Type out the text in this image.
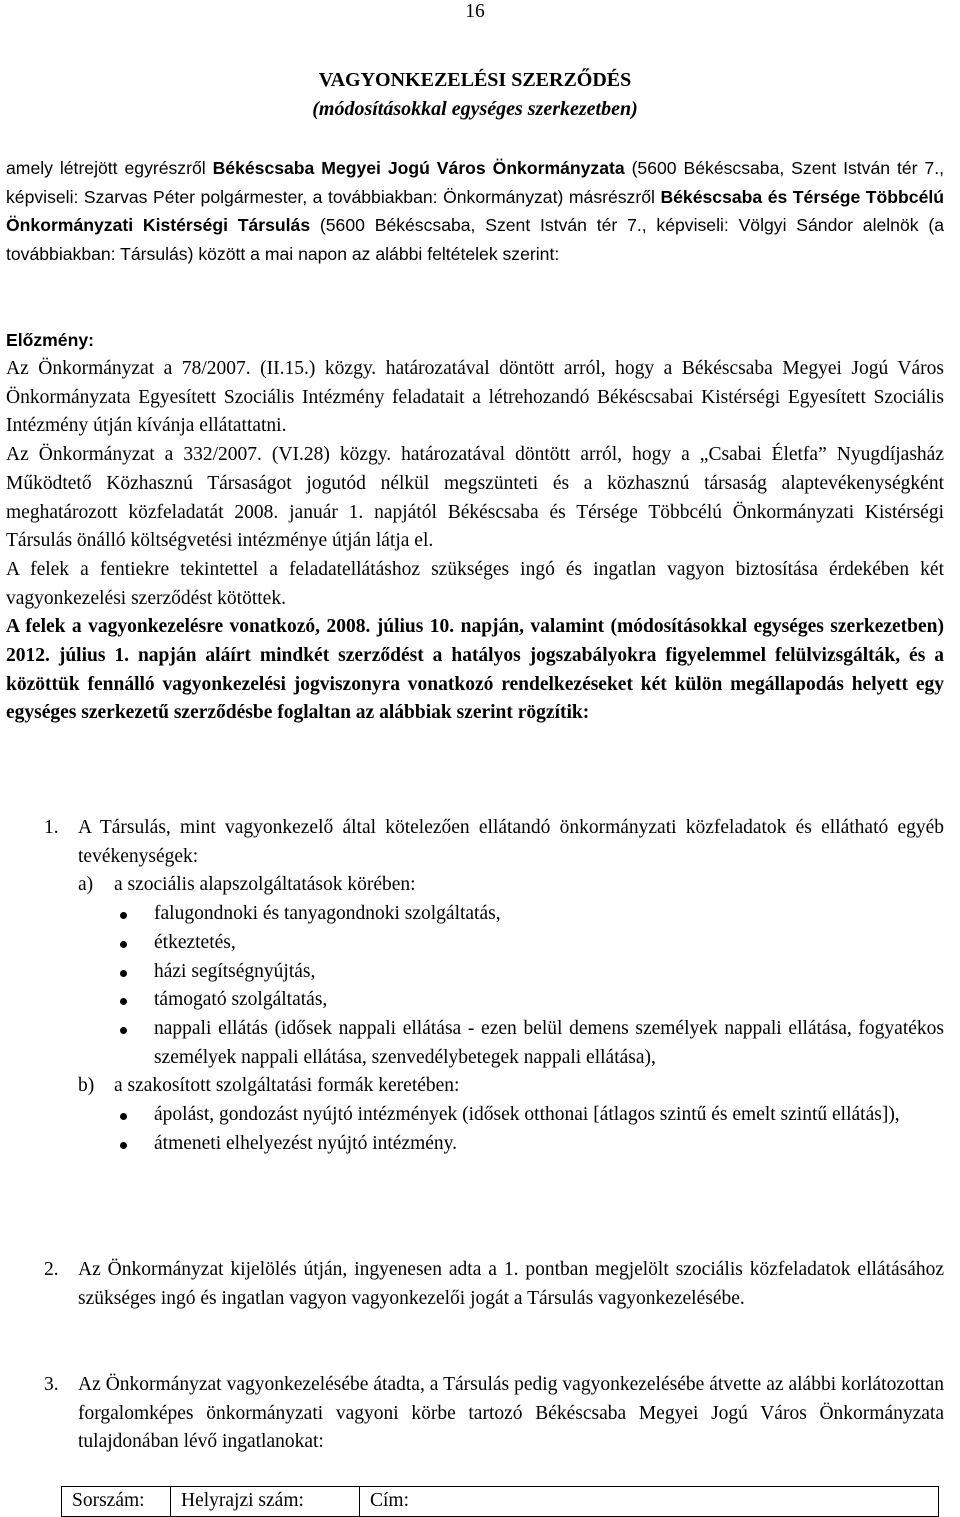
16
VAGYONKEZELÉSI SZERZŐDÉS
(módosításokkal egységes szerkezetben)

amely létrejött egyrészről Békéscsaba Megyei Jogú Város Önkormányzata (5600 Békéscsaba, Szent István tér 7., képviseli: Szarvas Péter polgármester, a továbbiakban: Önkormányzat) másrészről Békéscsaba és Térsége Többcélú Önkormányzati Kistérségi Társulás (5600 Békéscsaba, Szent István tér 7., képviseli: Völgyi Sándor alelnök (a továbbiakban: Társulás) között a mai napon az alábbi feltételek szerint:

Előzmény:

Az Önkormányzat a 78/2007. (II.15.) közgy. határozatával döntött arról, hogy a Békéscsaba Megyei Jogú Város Önkormányzata Egyesített Szociális Intézmény feladatait a létrehozandó Békéscsabai Kistérségi Egyesített Szociális Intézmény útján kívánja ellátattatni.

Az Önkormányzat a 332/2007. (VI.28) közgy. határozatával döntött arról, hogy a „Csabai Életfa” Nyugdíjasház Működtető Közhasznú Társaságot jogutód nélkül megszünteti és a közhasznú társaság alaptevékenységként meghatározott közfeladatát 2008. január 1. napjától Békéscsaba és Térsége Többcélú Önkormányzati Kistérségi Társulás önálló költségvetési intézménye útján látja el.

A felek a fentiekre tekintettel a feladatellátáshoz szükséges ingó és ingatlan vagyon biztosítása érdekében két vagyonkezelési szerződést kötöttek.

A felek a vagyonkezelésre vonatkozó, 2008. július 10. napján, valamint (módosításokkal egységes szerkezetben) 2012. július 1. napján aláírt mindkét szerződést a hatályos jogszabályokra figyelemmel felülvizsgálták, és a közöttük fennálló vagyonkezelési jogviszonyra vonatkozó rendelkezéseket két külön megállapodás helyett egy egységes szerkezetű szerződésbe foglaltan az alábbiak szerint rögzítik:

1. A Társulás, mint vagyonkezelő által kötelezően ellátandó önkormányzati közfeladatok és ellátható egyéb tevékenységek:
a) a szociális alapszolgáltatások körében:
falugondnoki és tanyagondnoki szolgáltatás,
étkeztetés,
házi segítségnyújtás,
támogató szolgáltatás,
nappali ellátás (idősek nappali ellátása - ezen belül demens személyek nappali ellátása, fogyatékos személyek nappali ellátása, szenvedélybetegek nappali ellátása),
b) a szakosított szolgáltatási formák keretében:
ápolást, gondozást nyújtó intézmények (idősek otthonai [átlagos szintű és emelt szintű ellátás]),
átmeneti elhelyezést nyújtó intézmény.
2. Az Önkormányzat kijelölés útján, ingyenesen adta a 1. pontban megjelölt szociális közfeladatok ellátásához szükséges ingó és ingatlan vagyon vagyonkezelői jogát a Társulás vagyonkezelésébe.
3. Az Önkormányzat vagyonkezelésébe átadta, a Társulás pedig vagyonkezelésébe átvette az alábbi korlátozottan forgalomképes önkormányzati vagyoni körbe tartozó Békéscsaba Megyei Jogú Város Önkormányzata tulajdonában lévő ingatlanokat:
Sorszám:	Helyrajzi szám:	Cím:
